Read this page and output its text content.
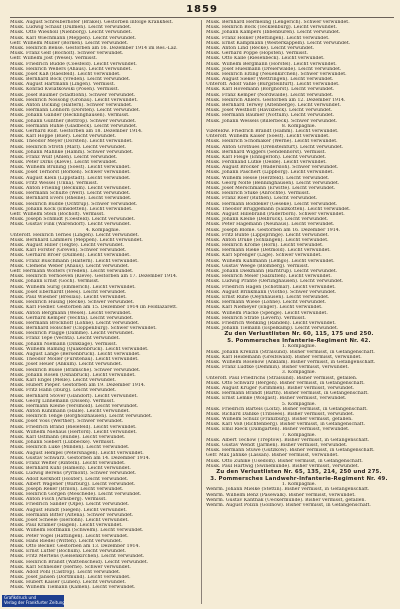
1859
Musk. August Schreiberhöfer (Brakel). Gestorben infolge Krankheit.
Musk. Ludwig Schauf (Dülmen). Leicht verwundet.
Musk. Otto Wiesholl (Nienborg). Leicht verwundet.
Musk. Karl Wiechmann (Meppen). Leicht verwundet.
Gefr. Wilhelm Müller (Borken). Leicht verwundet.
Musk. Heinrich Bense. Gestorben am 16. Dezember 1914 im Res.-Laz.
Musk. Franz Gelf (Bocholt). Schwer verwundet.
Gefr. Wilhelm Jost (Wesel). Vermisst.
Musk. Friedrich Budde (Coesfeld). Leicht verwundet.
Musk. Heinrich Wellers (Ahaus). Leicht verwundet.
Musk. Josef Kaß (Raesfeld). Leicht verwundet.
Musk. Bernhard Bock (Vreden). Leicht verwundet.
Musk. August Hartmann (Lingen). Vermisst.
Musk. Konrad Kwiatkowski (Posen). Vermisst.
Musk. Josef Bäumer (Stadtlohn). Schwer verwundet.
Musk. Heinrich Nossong (Gronau). Leicht verwundet.
Musk. Anton Dicking (Haltern). Schwer verwundet.
Musk. Hermann Lohhörn (Dorsten). Leicht verwundet.
Musk. Johann Gander (Recklinghausen). Vermisst.
Musk. Johann Günther (Bottrop). Schwer verwundet.
Musk. Hermann Rühle (Gladbeck). Leicht verwundet.
Musk. Gerhard Rolf. Gestorben am 18. Dezember 1914.
Musk. Karl Hoppe (Buer). Leicht verwundet.
Musk. Theodor Meyer (Dorsten). Leicht verwundet.
Musk. Heinrich Stroth (Marl). Leicht verwundet.
Musk. Johann Mahnke (Hamm). Schwer verwundet.
Musk. Franz Wulf (Ahlen). Leicht verwundet.
Musk. Peter Dirks (Kleve). Leicht verwundet.
Musk. Wilhelm Brüning (Soest). Leicht verwundet.
Musk. Josef Terhorst (Borken). Schwer verwundet.
Musk. August Klein (Lippstadt). Leicht verwundet.
Musk. Fritz Wessel (Unna). Vermisst.
Musk. Anton Frieling (Beckum). Leicht verwundet.
Musk. Hermann Schulte (Werl). Leicht verwundet.
Musk. Bernhard Evers (Rheine). Leicht verwundet.
Musk. Heinrich Budde (Ochtrup). Schwer verwundet.
Musk. Johann Kock (Emsdetten). Leicht verwundet.
Gefr. Wilhelm Stein (Bocholt). Vermisst.
Musk. Joseph Schmidt (Coesfeld). Leicht verwundet.
Musk. Gustav Fink (Warendorf). Leicht verwundet.
4. Kompagnie.
Unteroff. Heinrich Ternes (Lingen). Leicht verwundet.
Musk. Bernhard Lammers (Meppen). Leicht verwundet.
Musk. August Hiller (Telgte). Leicht verwundet.
Musk. Karl Förster (Greven). Schwer verwundet.
Musk. Gerhard Broer (Dülmen). Leicht verwundet.
Musk. Franz Buschmann (Haltern). Leicht verwundet.
Musk. Clemens Weber (Ahaus). Leicht verwundet.
Gefr. Hermann Wolters (Vreden). Leicht verwundet.
Musk. Heinrich Verhoeven (Kleve). Gestorben am 17. Dezember 1914.
Musk. Johann Ernst (Goch). Vermisst.
Musk. Wilhelm Sürig (Emmerich). Leicht verwundet.
Musk. Josef Eberhardt (Rees). Leicht verwundet.
Musk. Paul Wiesner (Breslau). Leicht verwundet.
Musk. Heinrich Hüsing (Recke). Schwer verwundet.
Musk. Karl Fiedler. Gestorben am 15. Dezember 1914 im Feldlazarett.
Musk. Anton Bergmann (Wesel). Leicht verwundet.
Musk. Gerhard Kemper (Vechta). Leicht verwundet.
Musk. Hermann Brockhoff (Lohne). Leicht verwundet.
Musk. Bernhard Hölscher (Cloppenburg). Schwer verwundet.
Musk. Heinrich Plagge (Damme). Leicht verwundet.
Musk. Franz Tepe (Vechta). Leicht verwundet.
Musk. Johann Niemann (Dinklage). Vermisst.
Musk. Wilhelm Raming (Quakenbrück). Leicht verwundet.
Musk. August Lange (Bersenbrück). Leicht verwundet.
Musk. Theodor Möller (Fürstenau). Leicht verwundet.
Musk. Josef Heuer (Ankum). Leicht verwundet.
Musk. Heinrich Busse (Bramsche). Schwer verwundet.
Musk. Johann Rosen (Osnabrück). Leicht verwundet.
Musk. Karl Engel (Melle). Leicht verwundet.
Musk. Hubert Pieper. Gestorben am 19. Dezember 1914.
Musk. Fritz Hahn (Iburg). Leicht verwundet.
Musk. Bernhard Stöver (Glandorf). Leicht verwundet.
Musk. Georg Linnemann (Dissen). Vermisst.
Musk. Hermann Kleine (Versmold). Leicht verwundet.
Musk. Anton Kuhlmann (Halle). Leicht verwundet.
Musk. Heinrich Tenge (Borgholzhausen). Leicht verwundet.
Musk. Josef Voss (Werther). Schwer verwundet.
Musk. Friedrich Brand (Bielefeld). Leicht verwundet.
Musk. Wilhelm Niehaus (Herford). Leicht verwundet.
Musk. Karl Ostmann (Bünde). Leicht verwundet.
Musk. Johann Siebert (Lübbecke). Vermisst.
Musk. Heinrich Lüke (Minden). Leicht verwundet.
Musk. August Hempel (Petershagen). Leicht verwundet.
Musk. Gustav Schwarz. Gestorben am 14. Dezember 1914.
Musk. Franz Welter (Rinteln). Leicht verwundet.
Musk. Bernhard Kuhl (Hameln). Leicht verwundet.
Musk. Ludwig Berens (Pyrmont). Schwer verwundet.
Musk. Adolf Kerkhoff (Höxter). Leicht verwundet.
Musk. Albert Wagener (Warburg). Leicht verwundet.
Musk. Joseph Reker (Brilon). Leicht verwundet.
Musk. Heinrich Görgen (Meschede). Leicht verwundet.
Musk. Anton Fisch (Arnsberg). Vermisst.
Musk. Friedrich Sander (Olpe). Leicht verwundet.
Musk. August Hundt (Siegen). Leicht verwundet.
Musk. Hermann Bitter (Altena). Schwer verwundet.
Musk. Josef Scheele (Iserlohn). Leicht verwundet.
Musk. Paul Krämer (Hagen). Leicht verwundet.
Musk. Wilhelm Hoffmann (Schwelm). Leicht verwundet.
Musk. Peter Vogel (Hattingen). Leicht verwundet.
Musk. Hans Riedel (Witten). Leicht verwundet.
Musk. Otto Becker. Gestorben am 13. Dezember 1914.
Musk. Ernst Lutter (Bochum). Leicht verwundet.
Musk. Fritz Mertens (Gelsenkirchen). Leicht verwundet.
Musk. Heinrich Brandt (Wattenscheid). Leicht verwundet.
Musk. Karl Schneider (Herne). Schwer verwundet.
Musk. Adolf Pohl (Castrop). Leicht verwundet.
Musk. Josef Jansen (Dortmund). Leicht verwundet.
Musk. Hubert Kaiser (Lünen). Leicht verwundet.
Musk. Wilhelm Tiemann (Kamen). Leicht verwundet.
Musk. Bernhard Hermeling (Lengerich). Schwer verwundet.
Musk. Heinrich Bock (Tecklenburg). Leicht verwundet.
Musk. Johann Kampers (Ibbenbüren). Leicht verwundet.
Musk. Franz Hölker (Mettingen). Leicht verwundet.
Musk. Ernst Kampmann (Westerkappeln). Leicht verwundet.
Musk. Anton Lind (Recke). Leicht verwundet.
Musk. Gerhard Poppe (Hopsten). Vermisst.
Musk. Otto Kalle (Riesenbeck). Leicht verwundet.
Musk. Wilhelm Bergmann (Hörstel). Leicht verwundet.
Musk. Josef Huesmann (Dreierwalde). Leicht verwundet.
Musk. Heinrich Elting (Neuenkirchen). Schwer verwundet.
Musk. August Sieker (Wettringen). Leicht verwundet.
Unteroff. Adolf Vahle (Burgsteinfurt). Leicht verwundet.
Musk. Karl Hovemann (Borghorst). Leicht verwundet.
Musk. Franz Kemper (Nordwalde). Leicht verwundet.
Musk. Heinrich Ahlers. Gestorben am 12. Dezember 1914.
Musk. Bernhard Terwey (Altenberge). Leicht verwundet.
Musk. Josef Westhoff (Havixbeck). Leicht verwundet.
Musk. Hermann Bäumer (Nottuln). Leicht verwundet.
Musk. Johann Wessels (Billerbeck). Schwer verwundet.
8. Kompagnie.
Vizefeldw. Friedrich Brandt (Hamm). Leicht verwundet.
Unteroff. Wilhelm Kaiser (Soest). Leicht verwundet.
Musk. Heinrich Schomaker (Werne). Leicht verwundet.
Musk. Anton Grothues (Drensteinfurt). Leicht verwundet.
Musk. Bernhard Wiggers (Sendenhorst). Vermisst.
Musk. Karl Fleige (Ennigerloh). Leicht verwundet.
Musk. Ferdinand Lütke (Oelde). Leicht verwundet.
Musk. August Bröcker (Wadersloh). Schwer verwundet.
Musk. Johann Paschert (Lippborg). Leicht verwundet.
Musk. Wilhelm Hesse (Herzfeld). Leicht verwundet.
Musk. Georg Nolte (Benninghausen). Leicht verwundet.
Musk. Josef Merschmann (Erwitte). Leicht verwundet.
Musk. Heinrich Stuke (Anröchte). Vermisst.
Musk. Franz Roer (Rüthen). Leicht verwundet.
Musk. Hermann Böddeker (Geseke). Leicht verwundet.
Musk. Theodor Brüggemann (Salzkotten). Leicht verwundet.
Musk. August Hillebrand (Paderborn). Schwer verwundet.
Musk. Johann Kleine (Delbrück). Leicht verwundet.
Musk. Peter Hagemann (Neuhaus). Leicht verwundet.
Musk. Joseph Blome. Gestorben am 16. Dezember 1914.
Musk. Fritz Bunte (Lippspringe). Leicht verwundet.
Musk. Anton Drüke (Schlangen). Leicht verwundet.
Musk. Heinrich Krome (Horn). Leicht verwundet.
Musk. Hermann Rieke (Detmold). Leicht verwundet.
Musk. Karl Sprenger (Lage). Schwer verwundet.
Musk. Wilhelm Kuhlmann (Lemgo). Leicht verwundet.
Musk. Gustav Weege (Blomberg). Vermisst.
Musk. Johann Diekmann (Barntrup). Leicht verwundet.
Musk. Heinrich Meier (Salzuflen). Leicht verwundet.
Musk. Ludwig Prante (Oerlinghausen). Leicht verwundet.
Musk. Friedrich Hagen (Schötmar). Leicht verwundet.
Musk. August Brinkmann (Vlotho). Schwer verwundet.
Musk. Ernst Ruhe (Oeynhausen). Leicht verwundet.
Musk. Hermann Wiese (Löhne). Leicht verwundet.
Musk. Karl Niemeyer (Enger). Leicht verwundet.
Musk. Wilhelm Placke (Spenge). Leicht verwundet.
Musk. Heinrich Strate (Levern). Vermisst.
Musk. Friedrich Wehking (Rahden). Leicht verwundet.
Musk. Johann Tiemann (Espelkamp). Leicht verwundet.
Zu den Verlustlisten Nr. 60, 115, 175 und 250.
5. Pommersches Infanterie-Regiment Nr. 42.
1. Kompagnie.
Musk. Johann Krenzin (Stralsund). Bisher vermisst, in Gefangenschaft.
Musk. Karl Heidemann (Greifswald). Bisher vermisst, verwundet.
Musk. Wilhelm Rosenow (Anklam). Bisher vermisst, in Gefangenschaft.
Musk. Franz Lüdtke (Demmin). Bisher vermisst, verwundet.
3. Kompagnie.
Unteroff. Paul Friedrichs (Stralsund). Bisher vermisst, gefallen.
Musk. Otto Schwarz (Bergen). Bisher vermisst, in Gefangenschaft.
Musk. August Krüger (Grimmen). Bisher vermisst, verwundet.
Musk. Hermann Brandt (Barth). Bisher vermisst, in Gefangenschaft.
Musk. Ernst Lemke (Wolgast). Bisher vermisst, verwundet.
5. Kompagnie.
Musk. Friedrich Bartels (Loitz). Bisher vermisst, in Gefangenschaft.
Musk. Richard Dahlke (Tribsees). Bisher vermisst, verwundet.
Musk. Wilhelm Schulz (Franzburg). Bisher vermisst, gefallen.
Musk. Karl Voß (Richtenberg). Bisher vermisst, in Gefangenschaft.
Musk. Emil Rieck (Damgarten). Bisher vermisst, verwundet.
7. Kompagnie.
Musk. Albert Techow (Treptow). Bisher vermisst, in Gefangenschaft.
Musk. Gustav Wendt (Jarmen). Bisher vermisst, verwundet.
Musk. Hermann Stüwe (Gützkow). Bisher vermisst, in Gefangenschaft.
Gefr. Max Jahnke (Lassan). Bisher vermisst, verwundet.
Musk. Otto Zühlke (Usedom). Bisher vermisst, in Gefangenschaft.
Musk. Paul Hartwig (Swinemünde). Bisher vermisst, verwundet.
Zu den Verlustlisten Nr. 65, 135, 214, 250 und 275.
3. Pommersches Landwehr-Infanterie-Regiment Nr. 49.
1. Kompagnie.
Wehrm. Johann Mielke (Stettin). Bisher vermisst, in Gefangenschaft.
Wehrm. Wilhelm Benz (Pasewalk). Bisher vermisst, verwundet.
Wehrm. Gustav Kanthak (Ueckermünde). Bisher vermisst, gefallen.
Wehrm. August Polzin (Gollnow). Bisher vermisst, in Gefangenschaft.
Grafikdruck und
Verlag der Frankfurter Zeitung
